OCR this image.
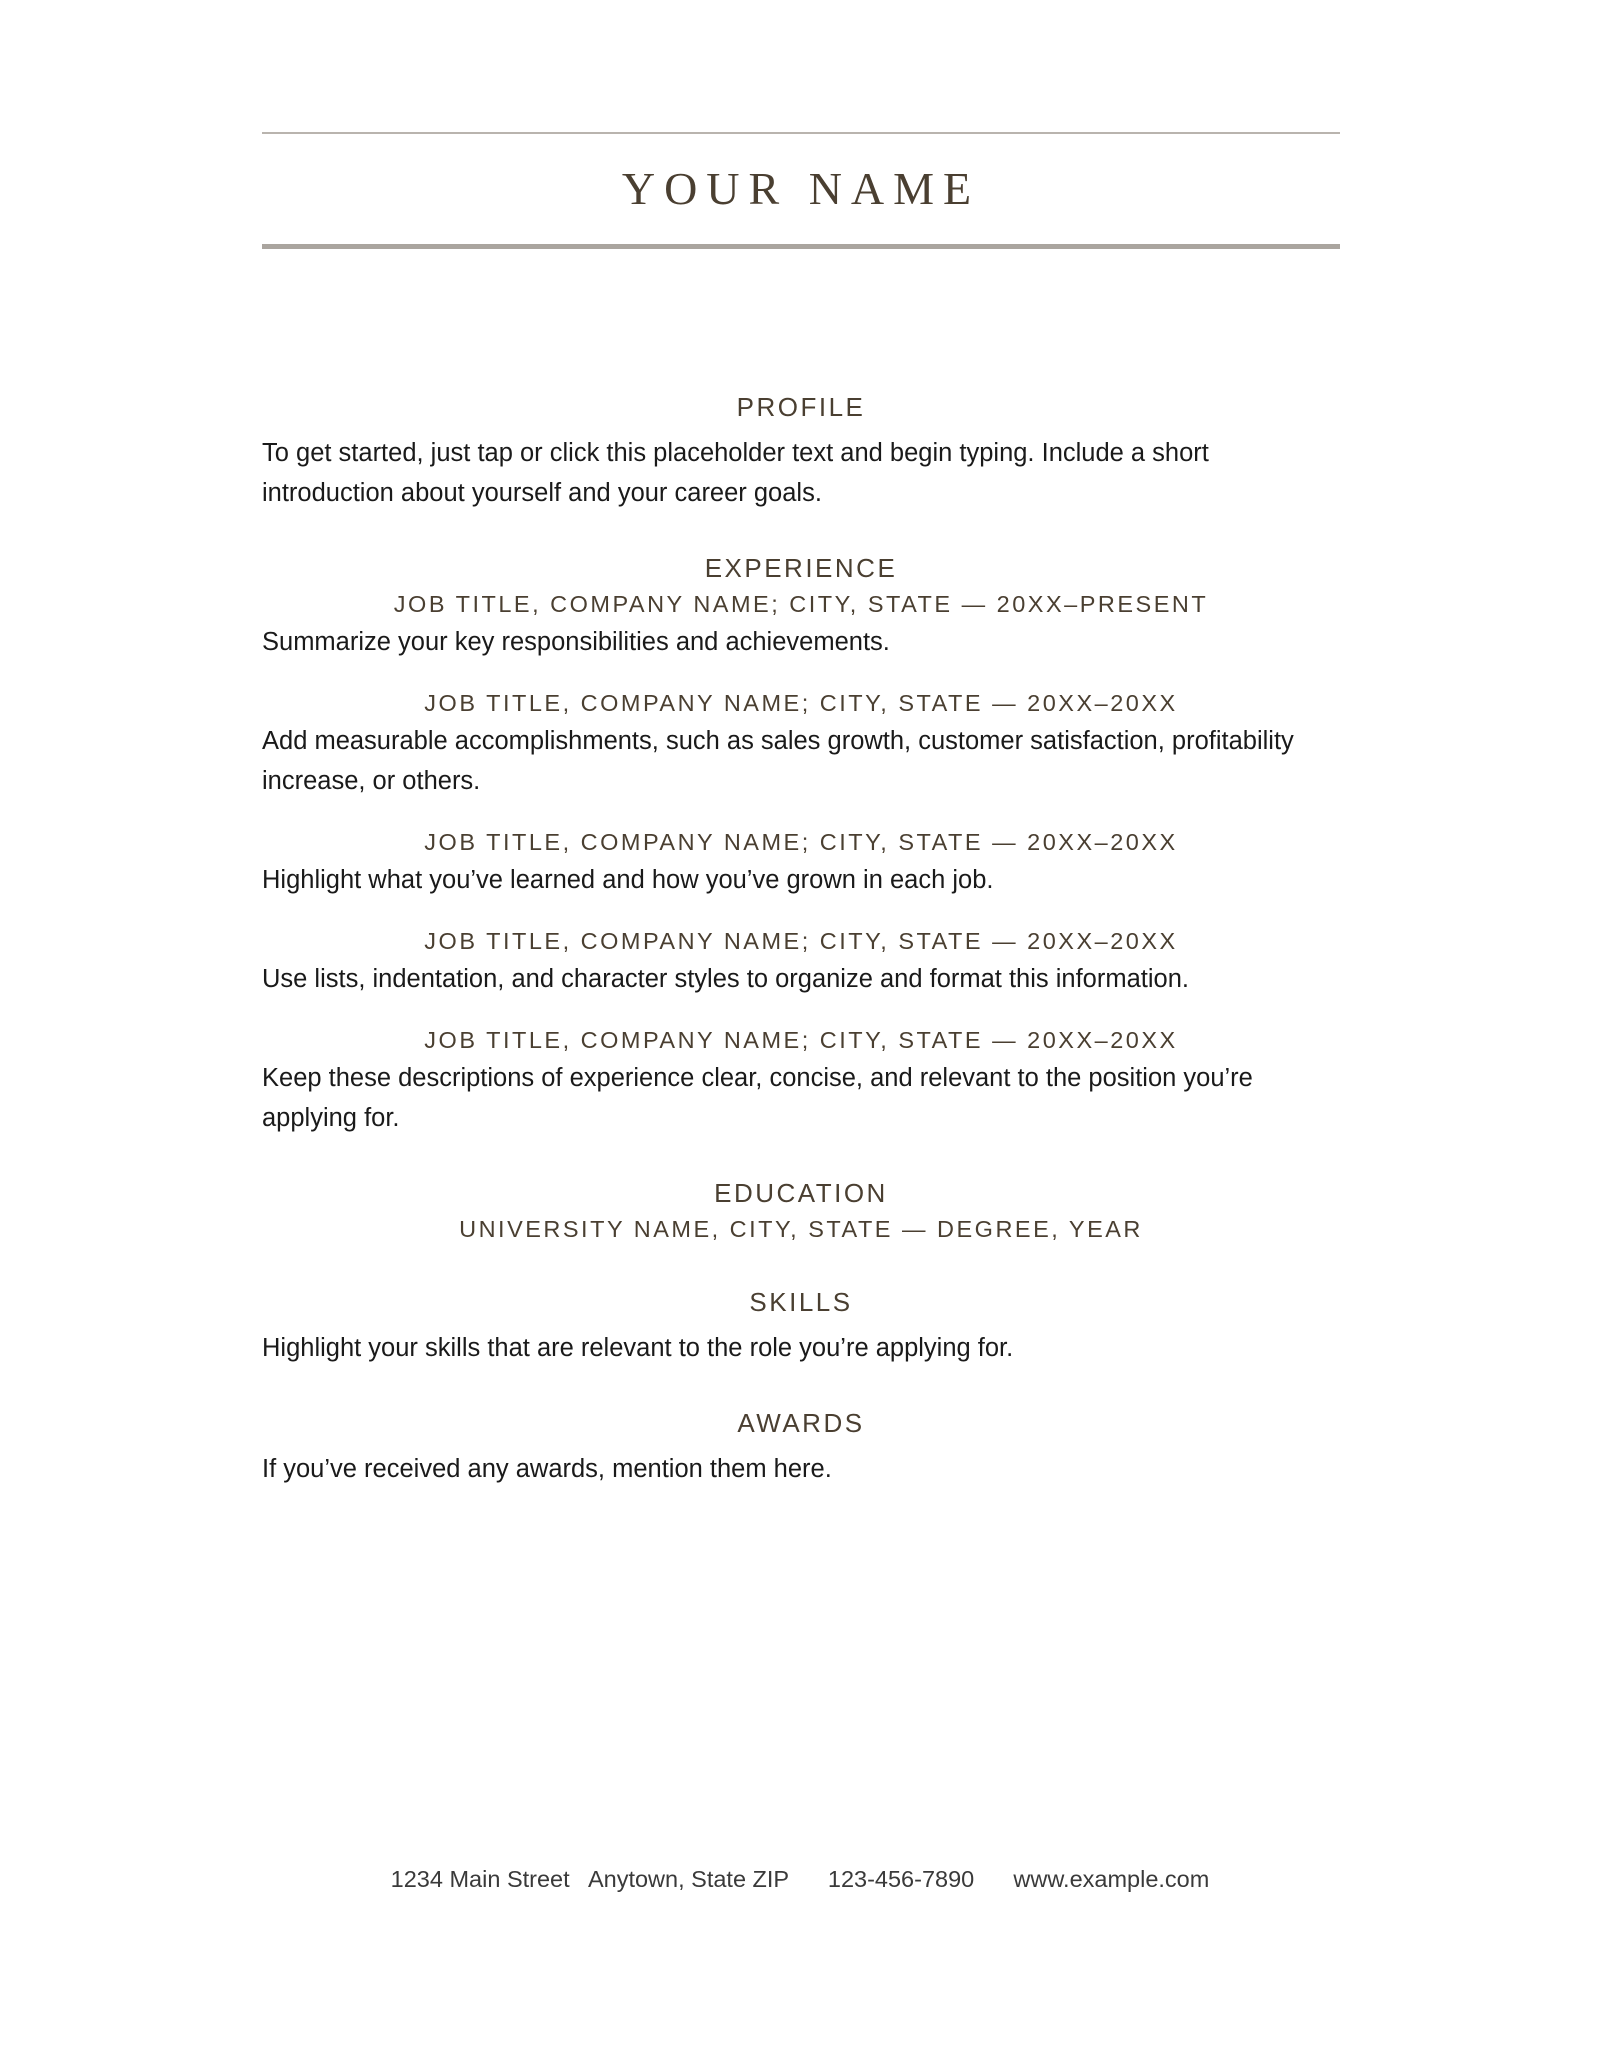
YOUR NAME
PROFILE

To get started, just tap or click this placeholder text and begin typing. Include a short introduction about yourself and your career goals.

EXPERIENCE
JOB TITLE, COMPANY NAME; CITY, STATE — 20XX–PRESENT

Summarize your key responsibilities and achievements.

JOB TITLE, COMPANY NAME; CITY, STATE — 20XX–20XX

Add measurable accomplishments, such as sales growth, customer satisfaction, profitability increase, or others.

JOB TITLE, COMPANY NAME; CITY, STATE — 20XX–20XX

Highlight what you’ve learned and how you’ve grown in each job.

JOB TITLE, COMPANY NAME; CITY, STATE — 20XX–20XX

Use lists, indentation, and character styles to organize and format this information.

JOB TITLE, COMPANY NAME; CITY, STATE — 20XX–20XX

Keep these descriptions of experience clear, concise, and relevant to the position you’re applying for.

EDUCATION
UNIVERSITY NAME, CITY, STATE — DEGREE, YEAR
SKILLS

Highlight your skills that are relevant to the role you’re applying for.

AWARDS

If you’ve received any awards, mention them here.

1234 Main Street Anytown, State ZIP 123-456-7890 www.example.com
